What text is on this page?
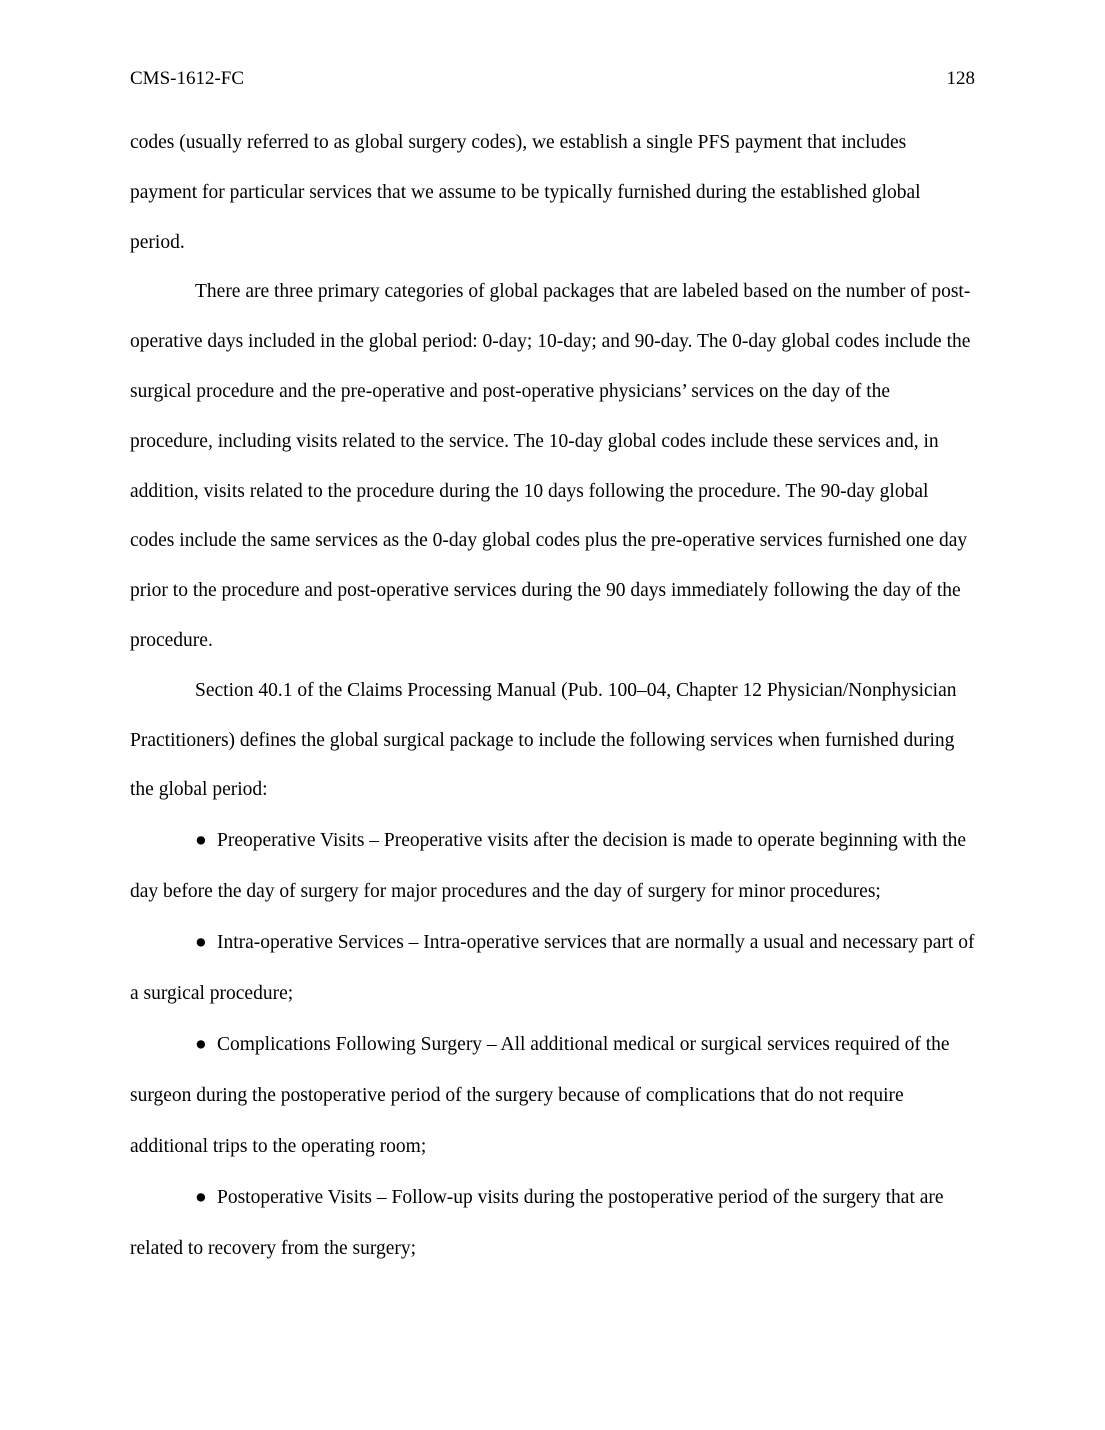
CMS-1612-FC	128

codes (usually referred to as global surgery codes), we establish a single PFS payment that includes payment for particular services that we assume to be typically furnished during the established global period.

There are three primary categories of global packages that are labeled based on the number of post-operative days included in the global period: 0-day; 10-day; and 90-day. The 0-day global codes include the surgical procedure and the pre-operative and post-operative physicians’ services on the day of the procedure, including visits related to the service. The 10-day global codes include these services and, in addition, visits related to the procedure during the 10 days following the procedure. The 90-day global codes include the same services as the 0-day global codes plus the pre-operative services furnished one day prior to the procedure and post-operative services during the 90 days immediately following the day of the procedure.

Section 40.1 of the Claims Processing Manual (Pub. 100–04, Chapter 12 Physician/Nonphysician Practitioners) defines the global surgical package to include the following services when furnished during the global period:

● Preoperative Visits – Preoperative visits after the decision is made to operate beginning with the day before the day of surgery for major procedures and the day of surgery for minor procedures;
● Intra-operative Services – Intra-operative services that are normally a usual and necessary part of a surgical procedure;
● Complications Following Surgery – All additional medical or surgical services required of the surgeon during the postoperative period of the surgery because of complications that do not require additional trips to the operating room;
● Postoperative Visits – Follow-up visits during the postoperative period of the surgery that are related to recovery from the surgery;
